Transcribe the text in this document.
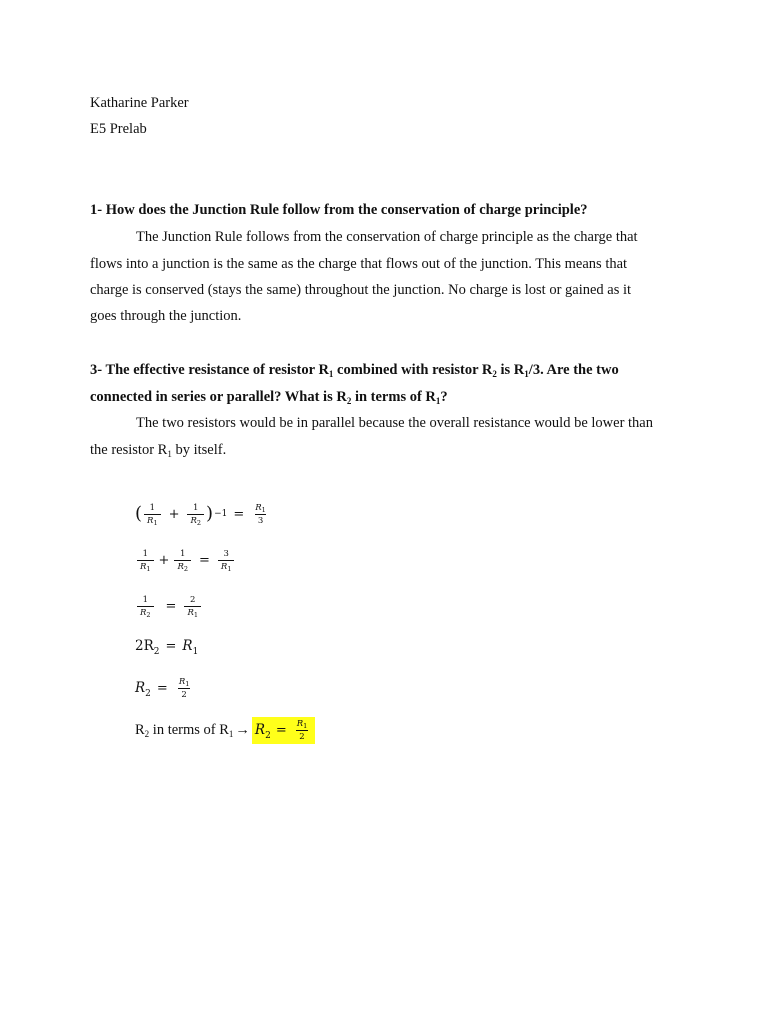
Katharine Parker
E5 Prelab
1- How does the Junction Rule follow from the conservation of charge principle?
The Junction Rule follows from the conservation of charge principle as the charge that
flows into a junction is the same as the charge that flows out of the junction. This means that
charge is conserved (stays the same) throughout the junction. No charge is lost or gained as it
goes through the junction.
3- The effective resistance of resistor $R_1$ combined with resistor $R_2$ is $R_1/3$. Are the two
connected in series or parallel? What is $R_2$ in terms of $R_1$?
The two resistors would be in parallel because the overall resistance would be lower than
the resistor $R_1$ by itself.
( $\frac{1}{R_1} + \frac{1}{R_2}$ ) $-1 = \frac{R_1}{3}$
$\frac{1}{R_1} + \frac{1}{R_2} = \frac{3}{R_1}$
$\frac{1}{R_2} = \frac{2}{R_1}$
$2R_2 = R_1$
$R_2 = \frac{R_1}{2}$
$R_2$ in terms of $R_1 \to R_2 = \frac{R_1}{2}$
